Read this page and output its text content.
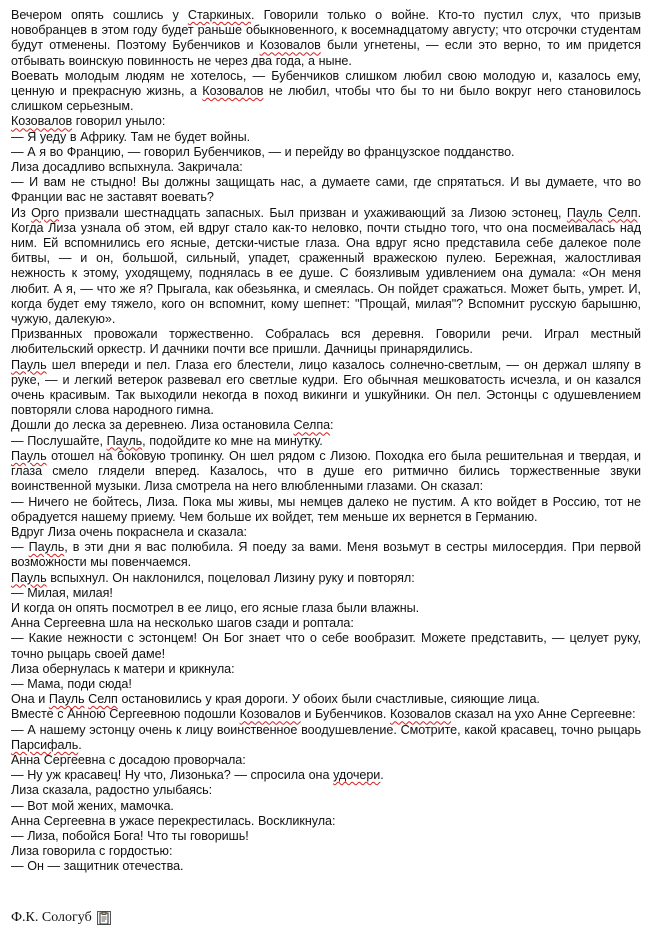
Вечером опять сошлись у Старкиных. Говорили только о войне. Кто-то пустил слух, что призыв новобранцев в этом году будет раньше обыкновенного, к восемнадцатому августу; что отсрочки студентам будут отменены. Поэтому Бубенчиков и Козовалов были угнетены, — если это верно, то им придется отбывать воинскую повинность не через два года, а ныне.

Воевать молодым людям не хотелось, — Бубенчиков слишком любил свою молодую и, казалось ему, ценную и прекрасную жизнь, а Козовалов не любил, чтобы что бы то ни было вокруг него становилось слишком серьезным.

Козовалов говорил уныло:

— Я уеду в Африку. Там не будет войны.

— А я во Францию, — говорил Бубенчиков, — и перейду во французское подданство.

Лиза досадливо вспыхнула. Закричала:

— И вам не стыдно! Вы должны защищать нас, а думаете сами, где спрятаться. И вы думаете, что во Франции вас не заставят воевать?

Из Орго призвали шестнадцать запасных. Был призван и ухаживающий за Лизою эстонец, Пауль Селп. Когда Лиза узнала об этом, ей вдруг стало как-то неловко, почти стыдно того, что она посмеивалась над ним. Ей вспомнились его ясные, детски-чистые глаза. Она вдруг ясно представила себе далекое поле битвы, — и он, большой, сильный, упадет, сраженный вражескою пулею. Бережная, жалостливая нежность к этому, уходящему, поднялась в ее душе. С боязливым удивлением она думала: «Он меня любит. А я, — что же я? Прыгала, как обезьянка, и смеялась. Он пойдет сражаться. Может быть, умрет. И, когда будет ему тяжело, кого он вспомнит, кому шепнет: "Прощай, милая"? Вспомнит русскую барышню, чужую, далекую».

Призванных провожали торжественно. Собралась вся деревня. Говорили речи. Играл местный любительский оркестр. И дачники почти все пришли. Дачницы принарядились.

Пауль шел впереди и пел. Глаза его блестели, лицо казалось солнечно-светлым, — он держал шляпу в руке, — и легкий ветерок развевал его светлые кудри. Его обычная мешковатость исчезла, и он казался очень красивым. Так выходили некогда в поход викинги и ушкуйники. Он пел. Эстонцы с одушевлением повторяли слова народного гимна.

Дошли до леска за деревнею. Лиза остановила Селпа:

— Послушайте, Пауль, подойдите ко мне на минутку.

Пауль отошел на боковую тропинку. Он шел рядом с Лизою. Походка его была решительная и твердая, и глаза смело глядели вперед. Казалось, что в душе его ритмично бились торжественные звуки воинственной музыки. Лиза смотрела на него влюбленными глазами. Он сказал:

— Ничего не бойтесь, Лиза. Пока мы живы, мы немцев далеко не пустим. А кто войдет в Россию, тот не обрадуется нашему приему. Чем больше их войдет, тем меньше их вернется в Германию.

Вдруг Лиза очень покраснела и сказала:

— Пауль, в эти дни я вас полюбила. Я поеду за вами. Меня возьмут в сестры милосердия. При первой возможности мы повенчаемся.

Пауль вспыхнул. Он наклонился, поцеловал Лизину руку и повторял:

— Милая, милая!

И когда он опять посмотрел в ее лицо, его ясные глаза были влажны.

Анна Сергеевна шла на несколько шагов сзади и роптала:

— Какие нежности с эстонцем! Он Бог знает что о себе вообразит. Можете представить, — целует руку, точно рыцарь своей даме!

Лиза обернулась к матери и крикнула:

— Мама, поди сюда!

Она и Пауль Селп остановились у края дороги. У обоих были счастливые, сияющие лица.

Вместе с Анною Сергеевною подошли Козовалов и Бубенчиков. Козовалов сказал на ухо Анне Сергеевне:

— А нашему эстонцу очень к лицу воинственное воодушевление. Смотрите, какой красавец, точно рыцарь Парсифаль.

Анна Сергеевна с досадою проворчала:

— Ну уж красавец! Ну что, Лизонька? — спросила она удочери.

Лиза сказала, радостно улыбаясь:

— Вот мой жених, мамочка.

Анна Сергеевна в ужасе перекрестилась. Воскликнула:

— Лиза, побойся Бога! Что ты говоришь!

Лиза говорила с гордостью:

— Он — защитник отечества.

Ф.К. Сологуб
